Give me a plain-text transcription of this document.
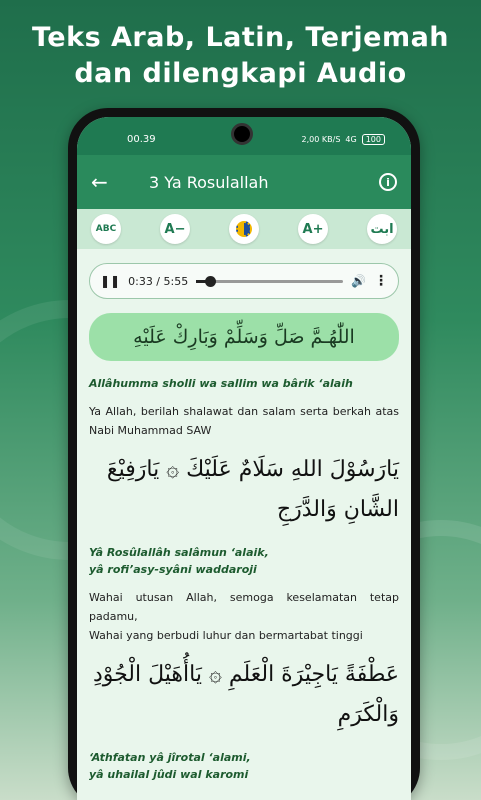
Teks Arab, Latin, Terjemah
dan dilengkapi Audio
00.39	2,00 KB/S 4G	100
←	3 Ya Rosulallah	i
ABC	A−	A+	ابت
❚❚ 0:33 / 5:55	🔊 ⋮
اللّٰهُـمَّ صَلِّ وَسَلِّمْ وَبَارِكْ عَلَيْهِ
Allâhumma sholli wa sallim wa bârik ‘alaih
Ya Allah, berilah shalawat dan salam serta berkah atas Nabi Muhammad SAW
يَارَسُوْلَ اللهِ سَلَامٌ عَلَيْكَ ۞ يَارَفِيْعَ الشَّانِ وَالدَّرَجِ
Yâ Rosûlallâh salâmun ‘alaik,
yâ rofi’asy-syâni waddaroji
Wahai utusan Allah, semoga keselamatan tetap padamu,
Wahai yang berbudi luhur dan bermartabat tinggi
عَطْفَةً يَاجِيْرَةَ الْعَلَمِ ۞ يَاأُهَيْلَ الْجُوْدِ وَالْكَرَمِ
‘Athfatan yâ jîrotal ‘alami,
yâ uhailal jûdi wal karomi
